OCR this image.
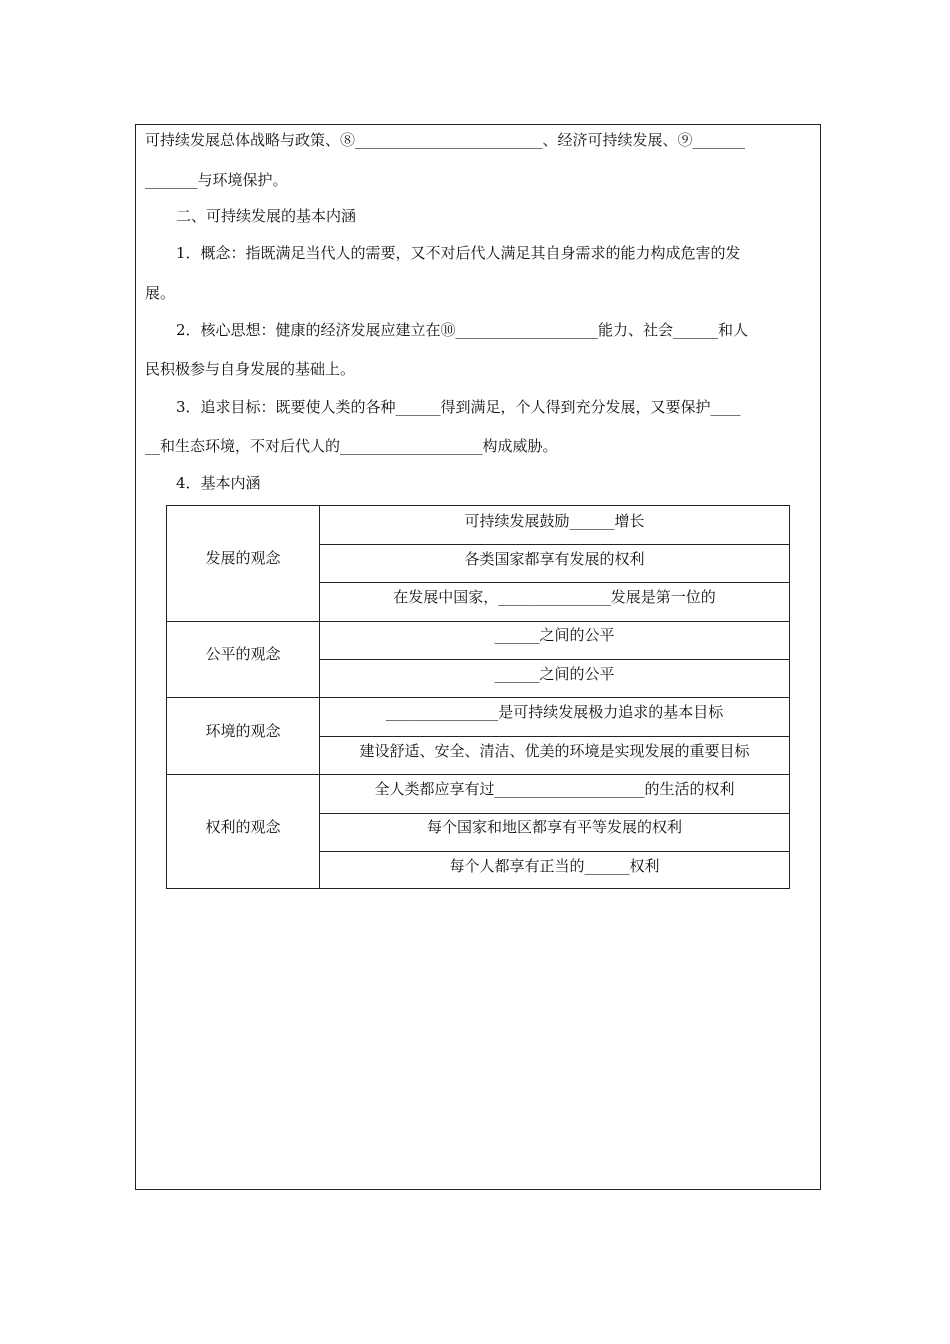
可持续发展总体战略与政策、⑧_________________________、经济可持续发展、⑨_______
_______与环境保护。
二、可持续发展的基本内涵
1．概念：指既满足当代人的需要，又不对后代人满足其自身需求的能力构成危害的发
展。
2．核心思想：健康的经济发展应建立在⑩___________________能力、社会______和人
民积极参与自身发展的基础上。
3．追求目标：既要使人类的各种______得到满足，个人得到充分发展，又要保护____
__和生态环境，不对后代人的___________________构成威胁。
4．基本内涵
发展的观念
公平的观念
环境的观念
权利的观念
可持续发展鼓励______增长
各类国家都享有发展的权利
在发展中国家，_______________发展是第一位的
______之间的公平
______之间的公平
_______________是可持续发展极力追求的基本目标
建设舒适、安全、清洁、优美的环境是实现发展的重要目标
全人类都应享有过____________________的生活的权利
每个国家和地区都享有平等发展的权利
每个人都享有正当的______权利
